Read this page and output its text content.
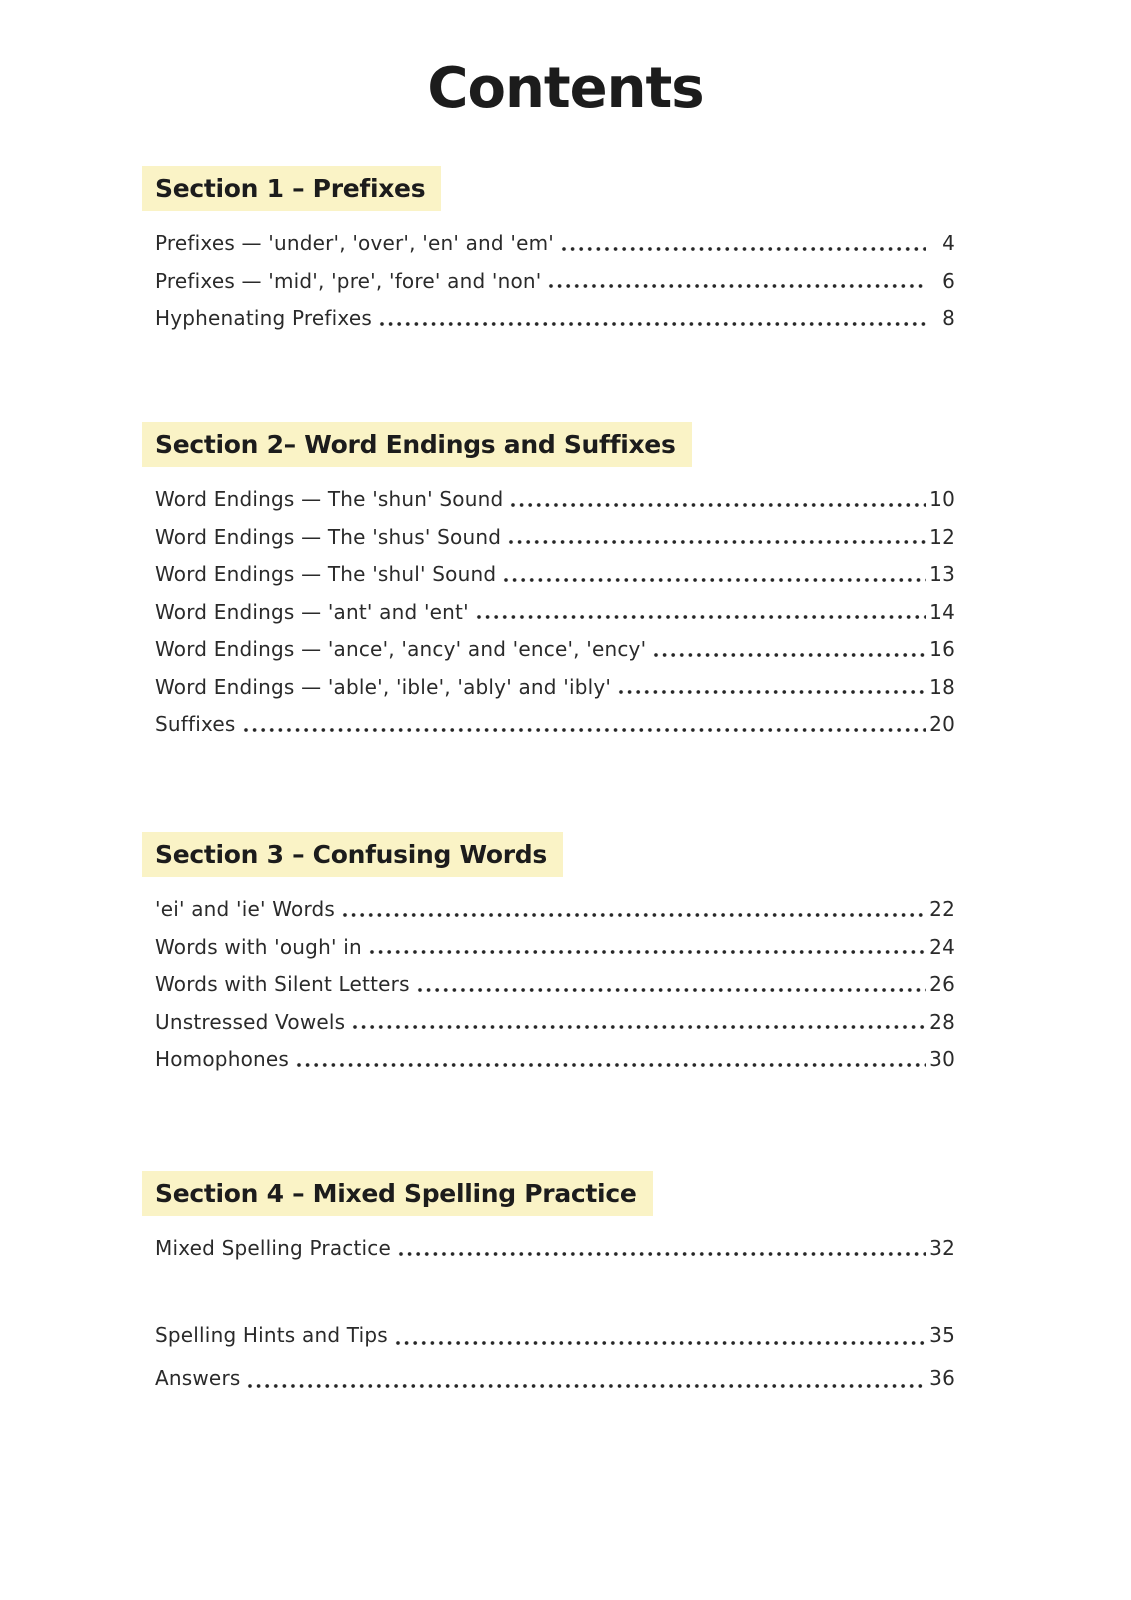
Contents
Section 1 – Prefixes
Prefixes — 'under', 'over', 'en' and 'em'	4
Prefixes — 'mid', 'pre', 'fore' and 'non'	6
Hyphenating Prefixes	8
Section 2– Word Endings and Suffixes
Word Endings — The 'shun' Sound	10
Word Endings — The 'shus' Sound	12
Word Endings — The 'shul' Sound	13
Word Endings — 'ant' and 'ent'	14
Word Endings — 'ance', 'ancy' and 'ence', 'ency'	16
Word Endings — 'able', 'ible', 'ably' and 'ibly'	18
Suffixes	20
Section 3 – Confusing Words
'ei' and 'ie' Words	22
Words with 'ough' in	24
Words with Silent Letters	26
Unstressed Vowels	28
Homophones	30
Section 4 – Mixed Spelling Practice
Mixed Spelling Practice	32
Spelling Hints and Tips	35
Answers	36
